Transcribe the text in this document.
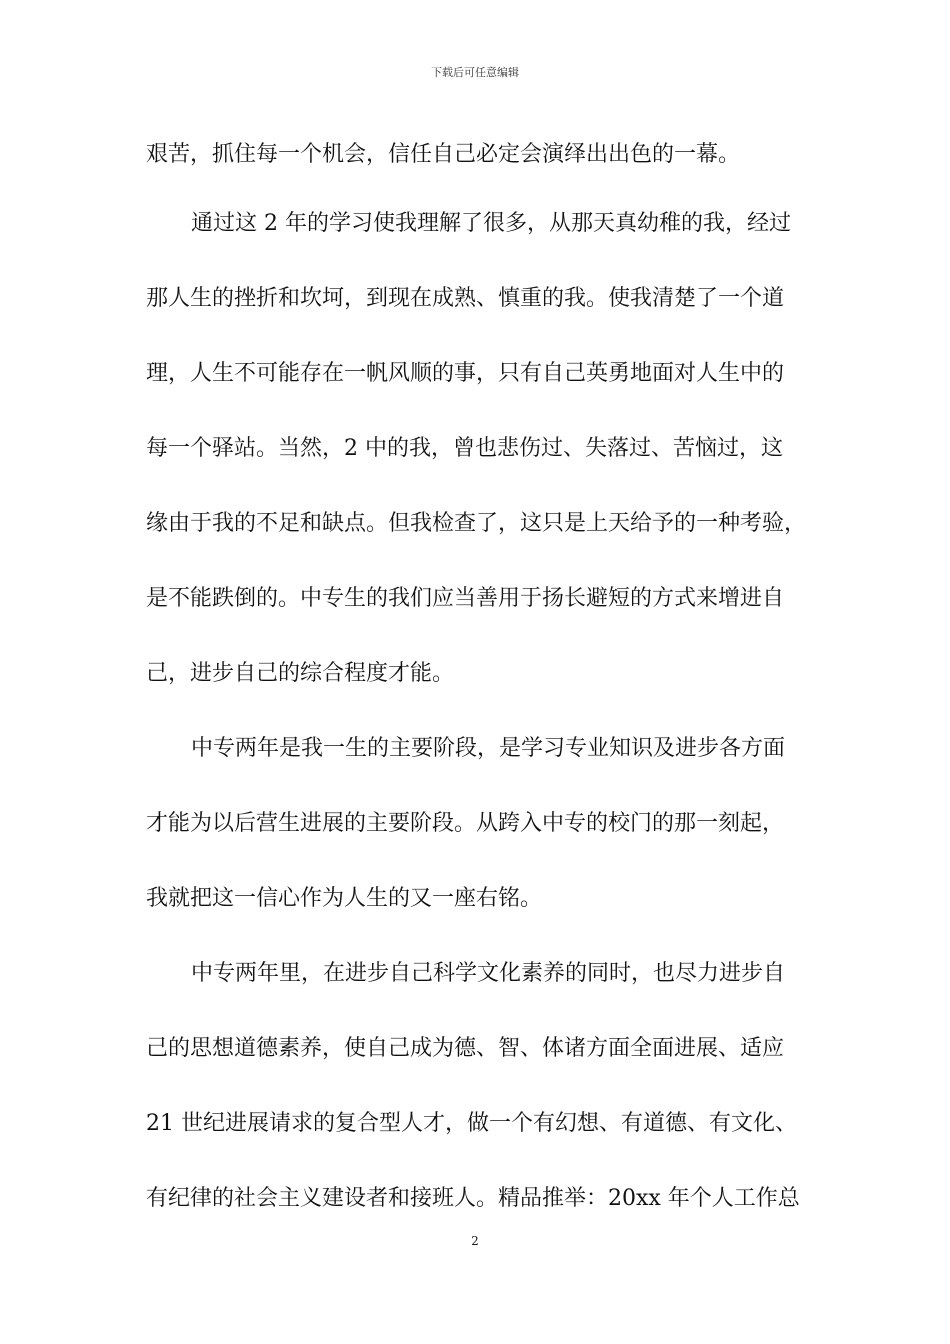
下载后可任意编辑
艰苦，抓住每一个机会，信任自己必定会演绎出出色的一幕。
通过这 2 年的学习使我理解了很多，从那天真幼稚的我，经过
那人生的挫折和坎坷，到现在成熟、慎重的我。使我清楚了一个道
理，人生不可能存在一帆风顺的事，只有自己英勇地面对人生中的
每一个驿站。当然，2 中的我，曾也悲伤过、失落过、苦恼过，这
缘由于我的不足和缺点。但我检查了，这只是上天给予的一种考验，
是不能跌倒的。中专生的我们应当善用于扬长避短的方式来增进自
己，进步自己的综合程度才能。
中专两年是我一生的主要阶段，是学习专业知识及进步各方面
才能为以后营生进展的主要阶段。从跨入中专的校门的那一刻起，
我就把这一信心作为人生的又一座右铭。
中专两年里，在进步自己科学文化素养的同时，也尽力进步自
己的思想道德素养，使自己成为德、智、体诸方面全面进展、适应
21 世纪进展请求的复合型人才，做一个有幻想、有道德、有文化、
有纪律的社会主义建设者和接班人。精品推举：20xx 年个人工作总
2
